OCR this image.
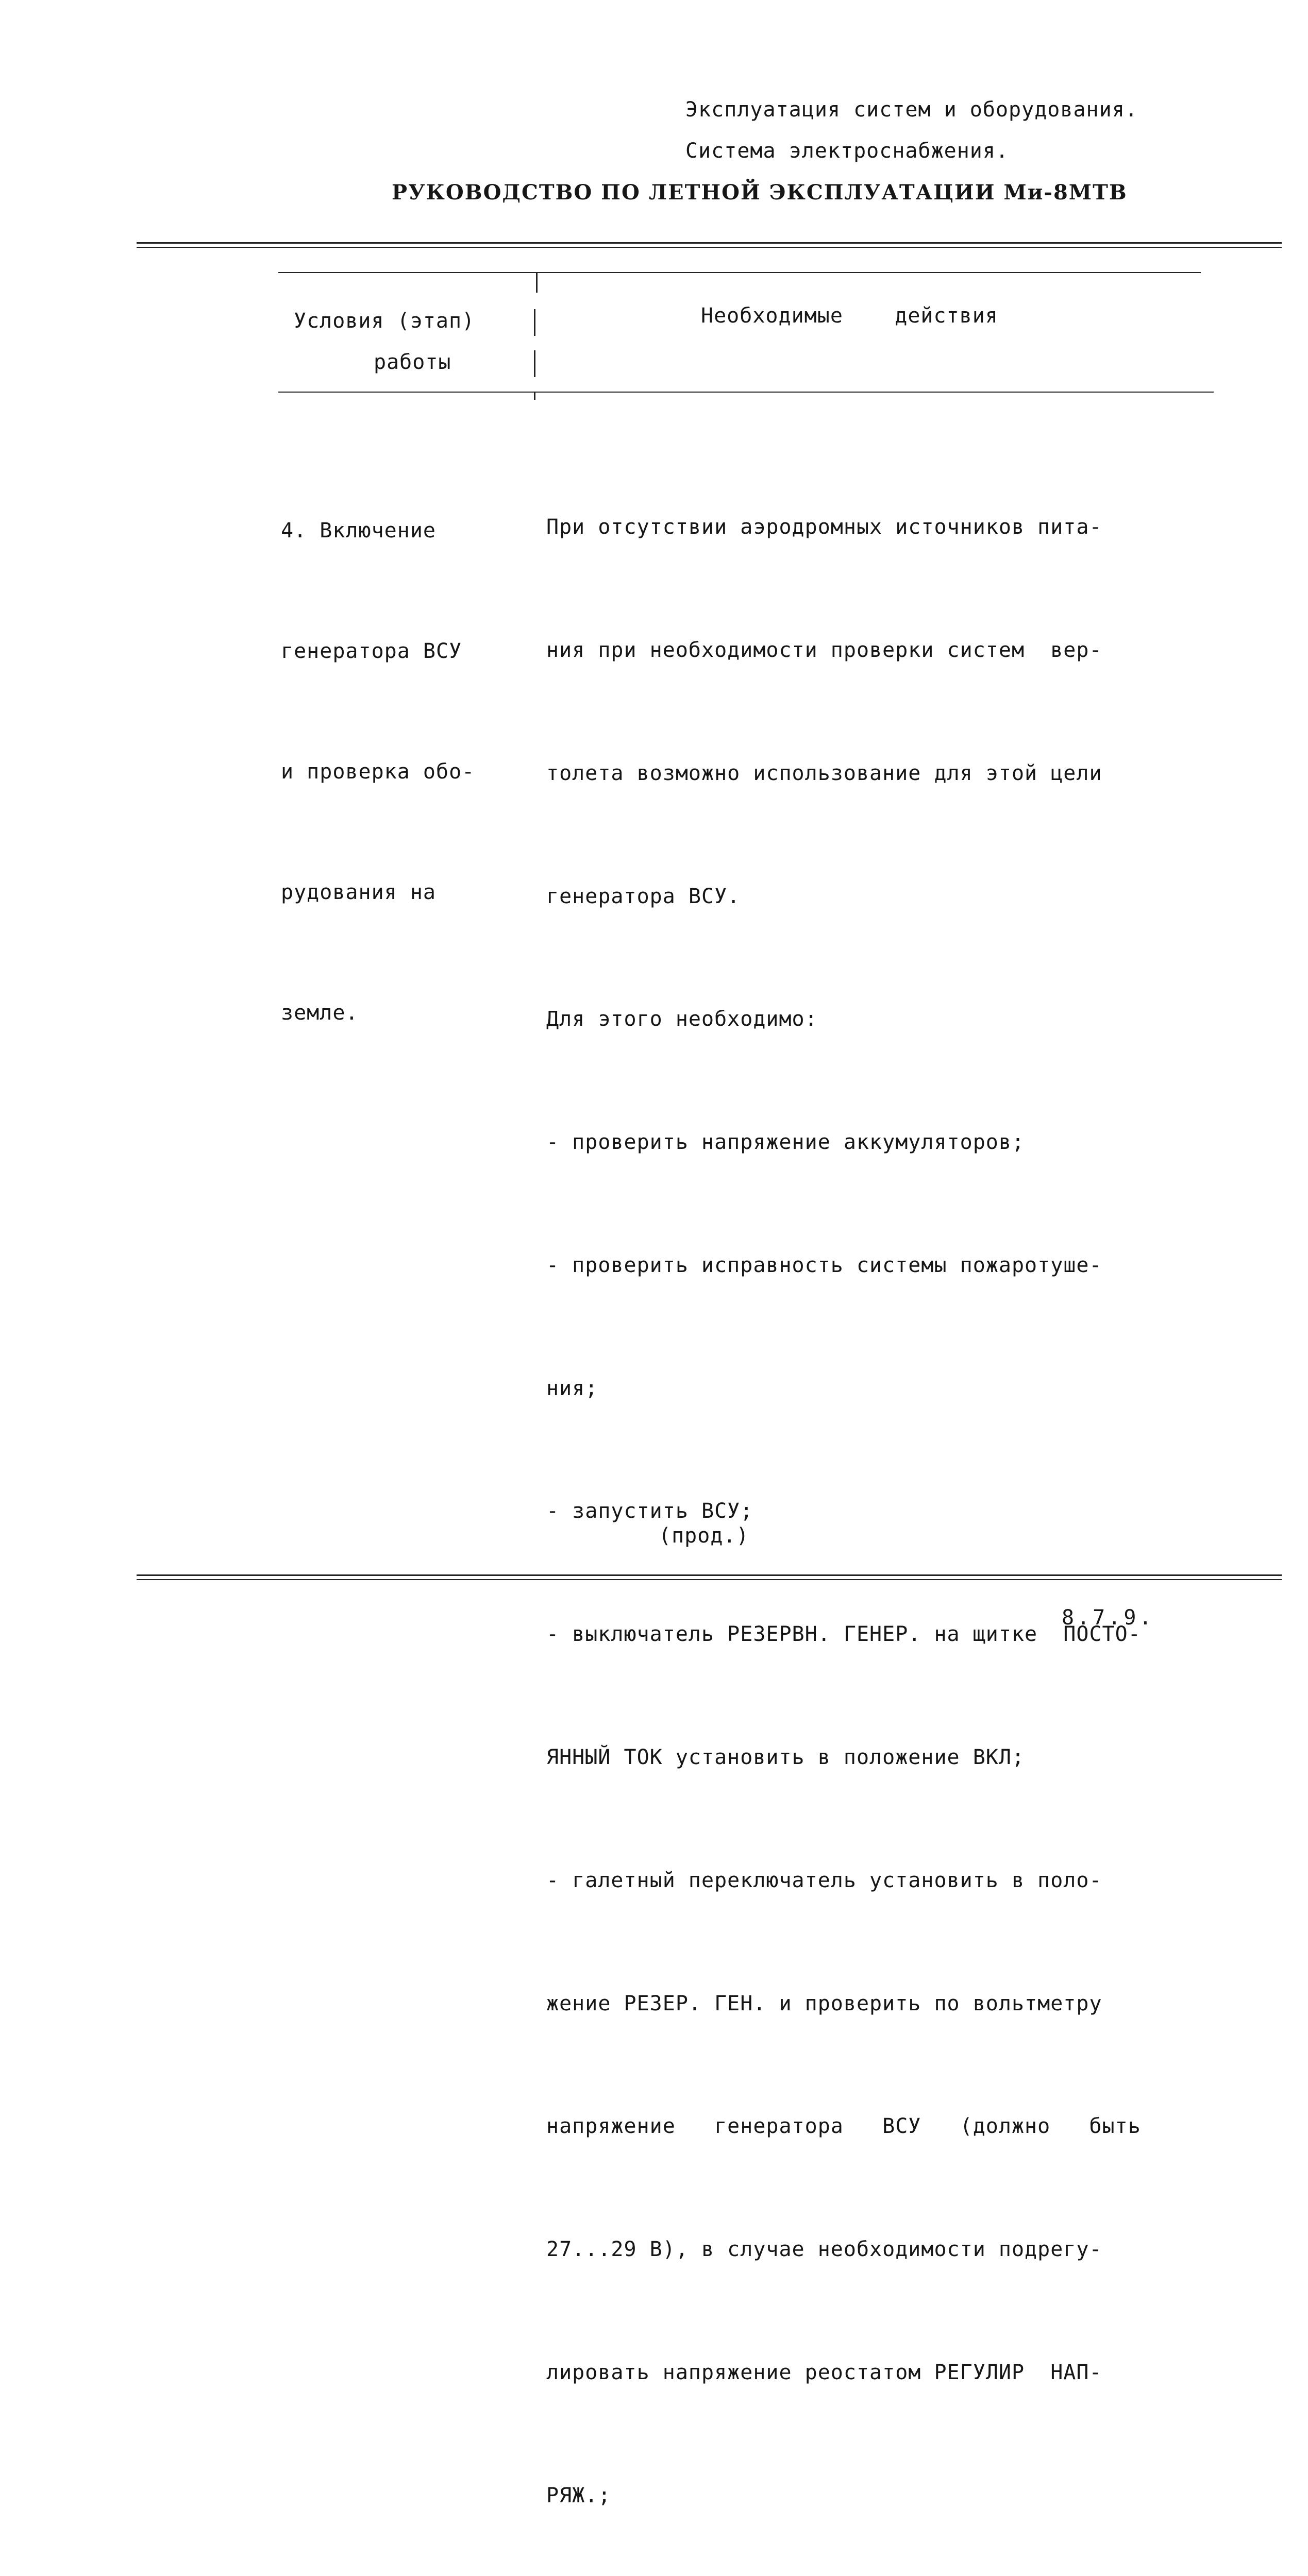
Эксплуатация систем и оборудования.
Система электроснабжения.
РУКОВОДСТВО ПО ЛЕТНОЙ ЭКСПЛУАТАЦИИ Ми-8МТВ
Условия (этап)
работы
Необходимые    действия

4. Включение

генератора ВСУ

и проверка обо-

рудования на

земле.

При отсутствии аэродромных источников пита-

ния при необходимости проверки систем  вер-

толета возможно использование для этой цели

генератора ВСУ.

Для этого необходимо:

- проверить напряжение аккумуляторов;

- проверить исправность системы пожаротуше-

ния;

- запустить ВСУ;

- выключатель РЕЗЕРВН. ГЕНЕР. на щитке  ПОСТО-

ЯННЫЙ ТОК установить в положение ВКЛ;

- галетный переключатель установить в поло-

жение РЕЗЕР. ГЕН. и проверить по вольтметру

напряжение   генератора   ВСУ   (должно   быть

27...29 В), в случае необходимости подрегу-

лировать напряжение реостатом РЕГУЛИР  НАП-

РЯЖ.;

(прод.)
8.7.9.
